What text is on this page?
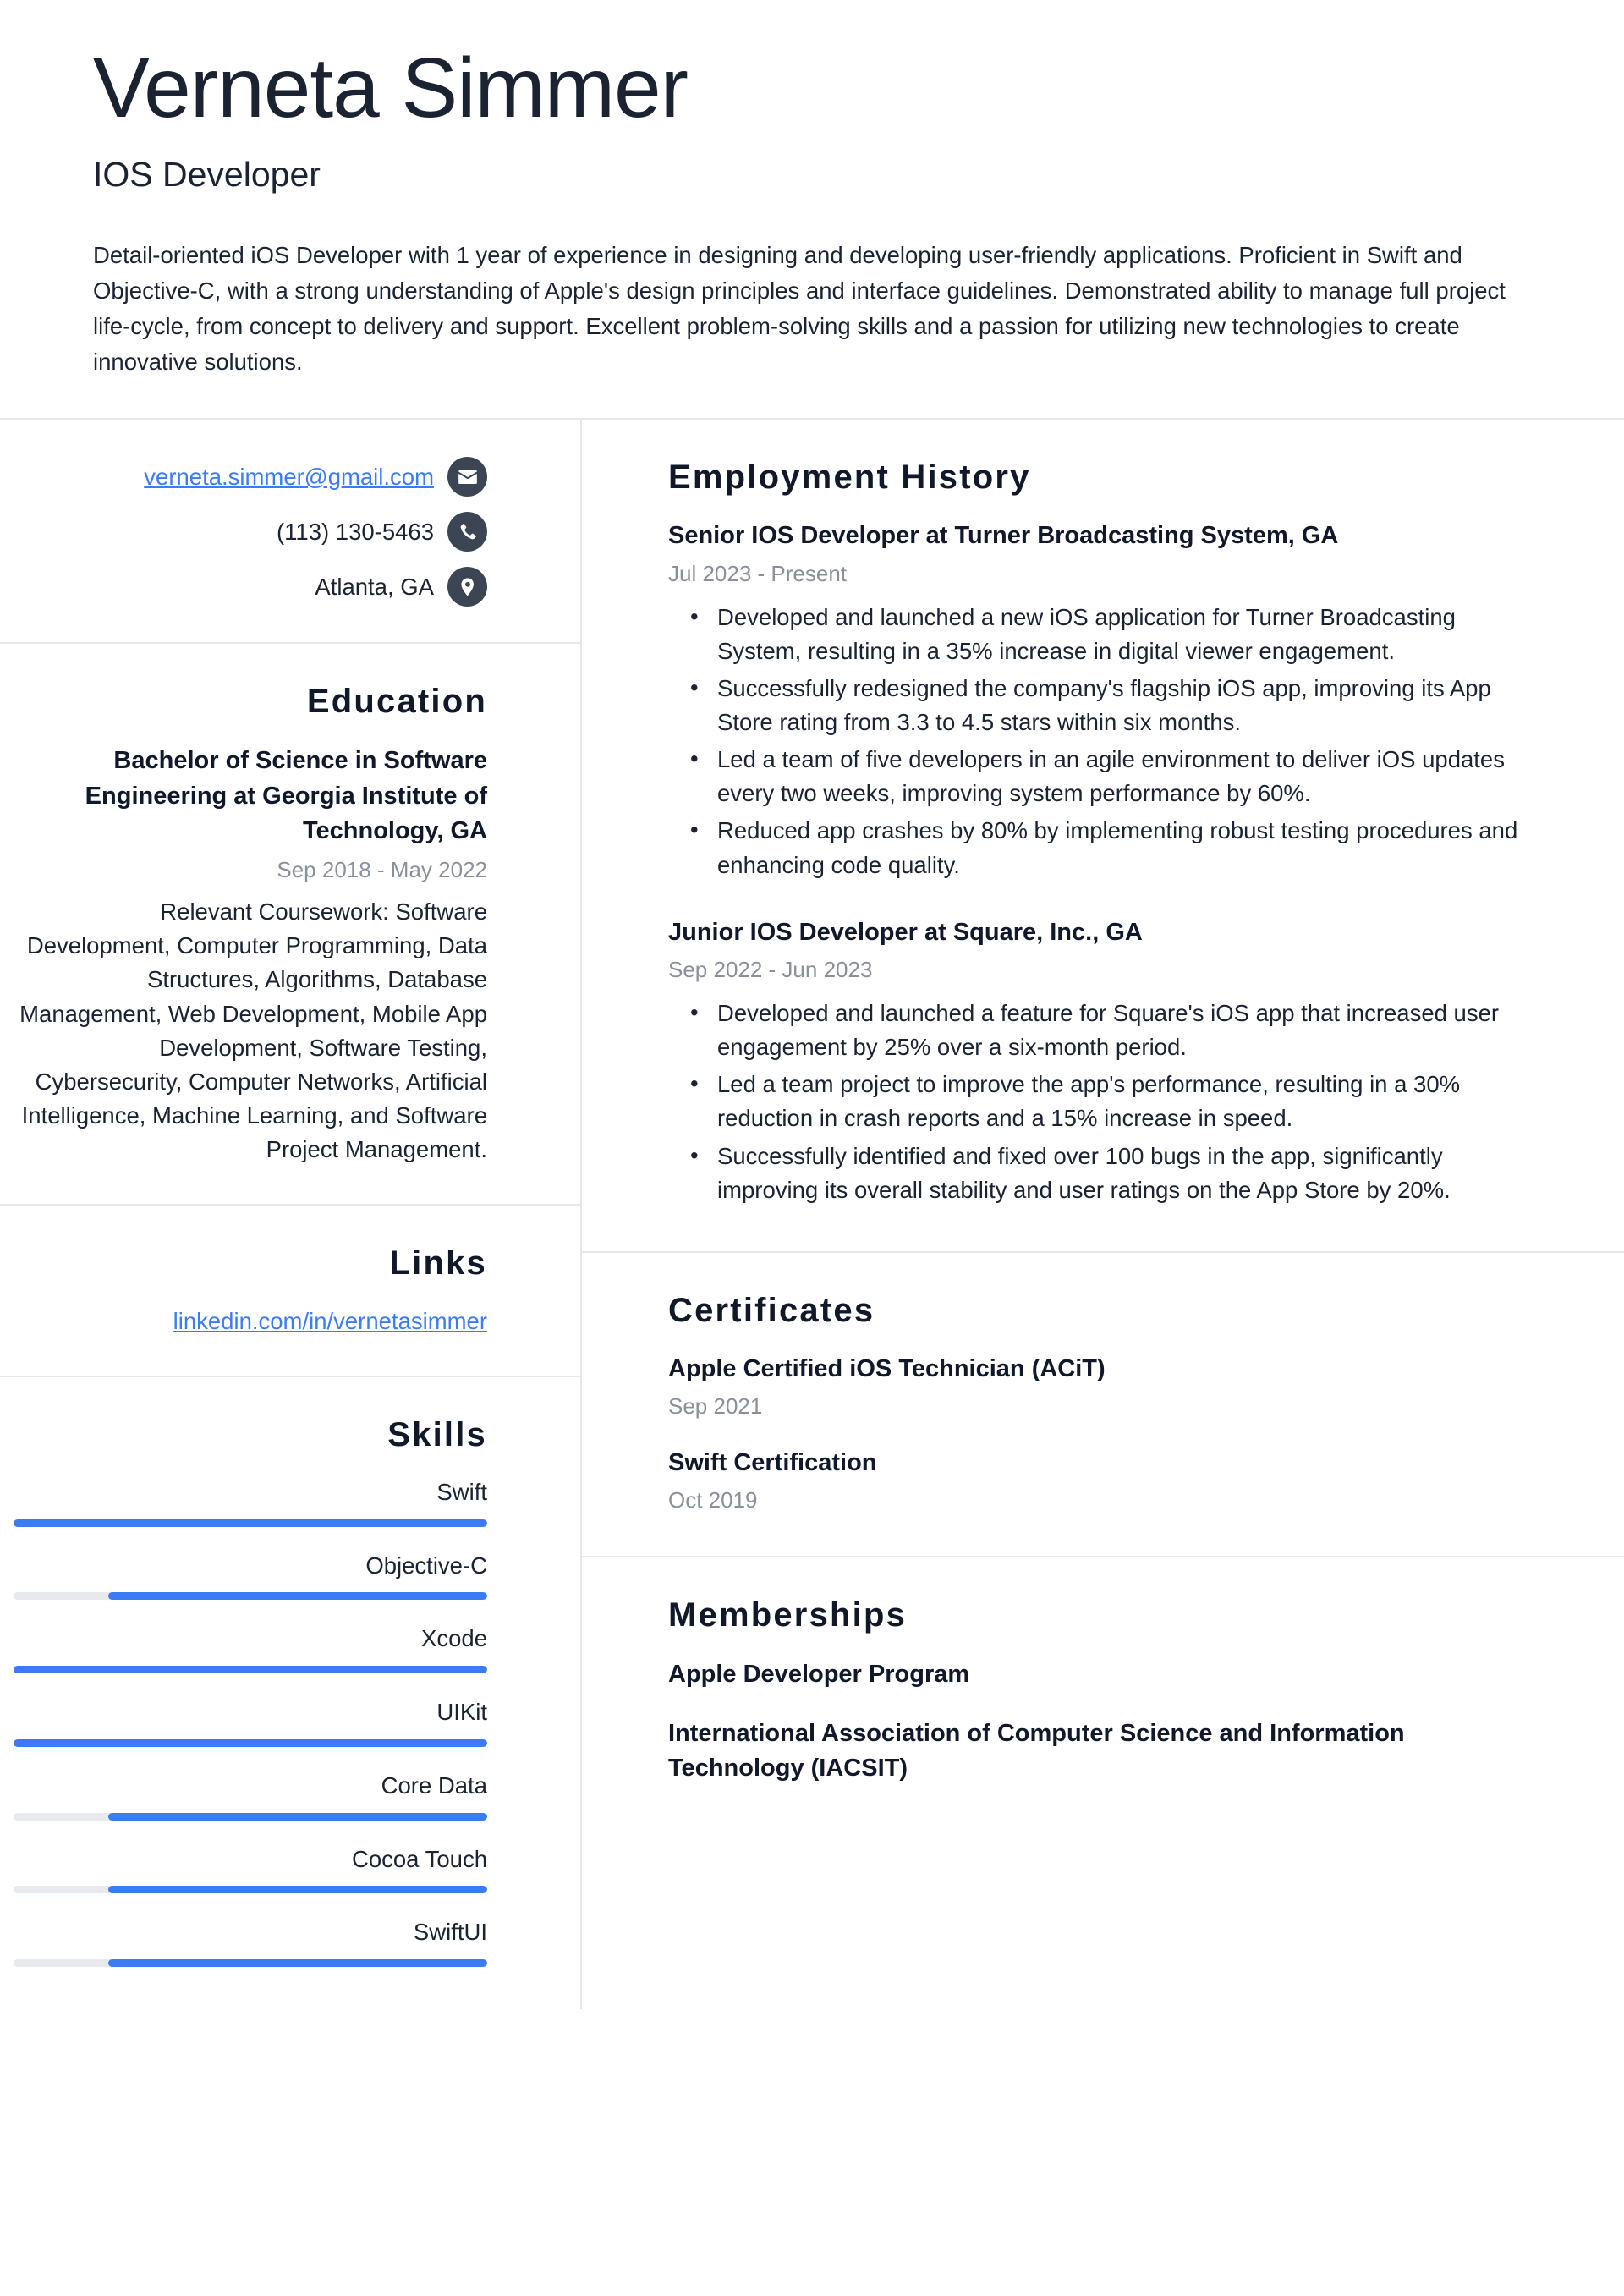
Verneta Simmer
IOS Developer

Detail-oriented iOS Developer with 1 year of experience in designing and developing user-friendly applications. Proficient in Swift and Objective-C, with a strong understanding of Apple's design principles and interface guidelines. Demonstrated ability to manage full project life-cycle, from concept to delivery and support. Excellent problem-solving skills and a passion for utilizing new technologies to create innovative solutions.

verneta.simmer@gmail.com
(113) 130-5463
Atlanta, GA
Education
Bachelor of Science in Software Engineering at Georgia Institute of Technology, GA
Sep 2018 - May 2022
Relevant Coursework: Software Development, Computer Programming, Data Structures, Algorithms, Database Management, Web Development, Mobile App Development, Software Testing, Cybersecurity, Computer Networks, Artificial Intelligence, Machine Learning, and Software Project Management.
Links
linkedin.com/in/vernetasimmer
Skills
Swift
Objective-C
Xcode
UIKit
Core Data
Cocoa Touch
SwiftUI
Employment History
Senior IOS Developer at Turner Broadcasting System, GA
Jul 2023 - Present
• Developed and launched a new iOS application for Turner Broadcasting System, resulting in a 35% increase in digital viewer engagement.
• Successfully redesigned the company's flagship iOS app, improving its App Store rating from 3.3 to 4.5 stars within six months.
• Led a team of five developers in an agile environment to deliver iOS updates every two weeks, improving system performance by 60%.
• Reduced app crashes by 80% by implementing robust testing procedures and enhancing code quality.
Junior IOS Developer at Square, Inc., GA
Sep 2022 - Jun 2023
• Developed and launched a feature for Square's iOS app that increased user engagement by 25% over a six-month period.
• Led a team project to improve the app's performance, resulting in a 30% reduction in crash reports and a 15% increase in speed.
• Successfully identified and fixed over 100 bugs in the app, significantly improving its overall stability and user ratings on the App Store by 20%.
Certificates
Apple Certified iOS Technician (ACiT)
Sep 2021
Swift Certification
Oct 2019
Memberships
Apple Developer Program
International Association of Computer Science and Information Technology (IACSIT)
